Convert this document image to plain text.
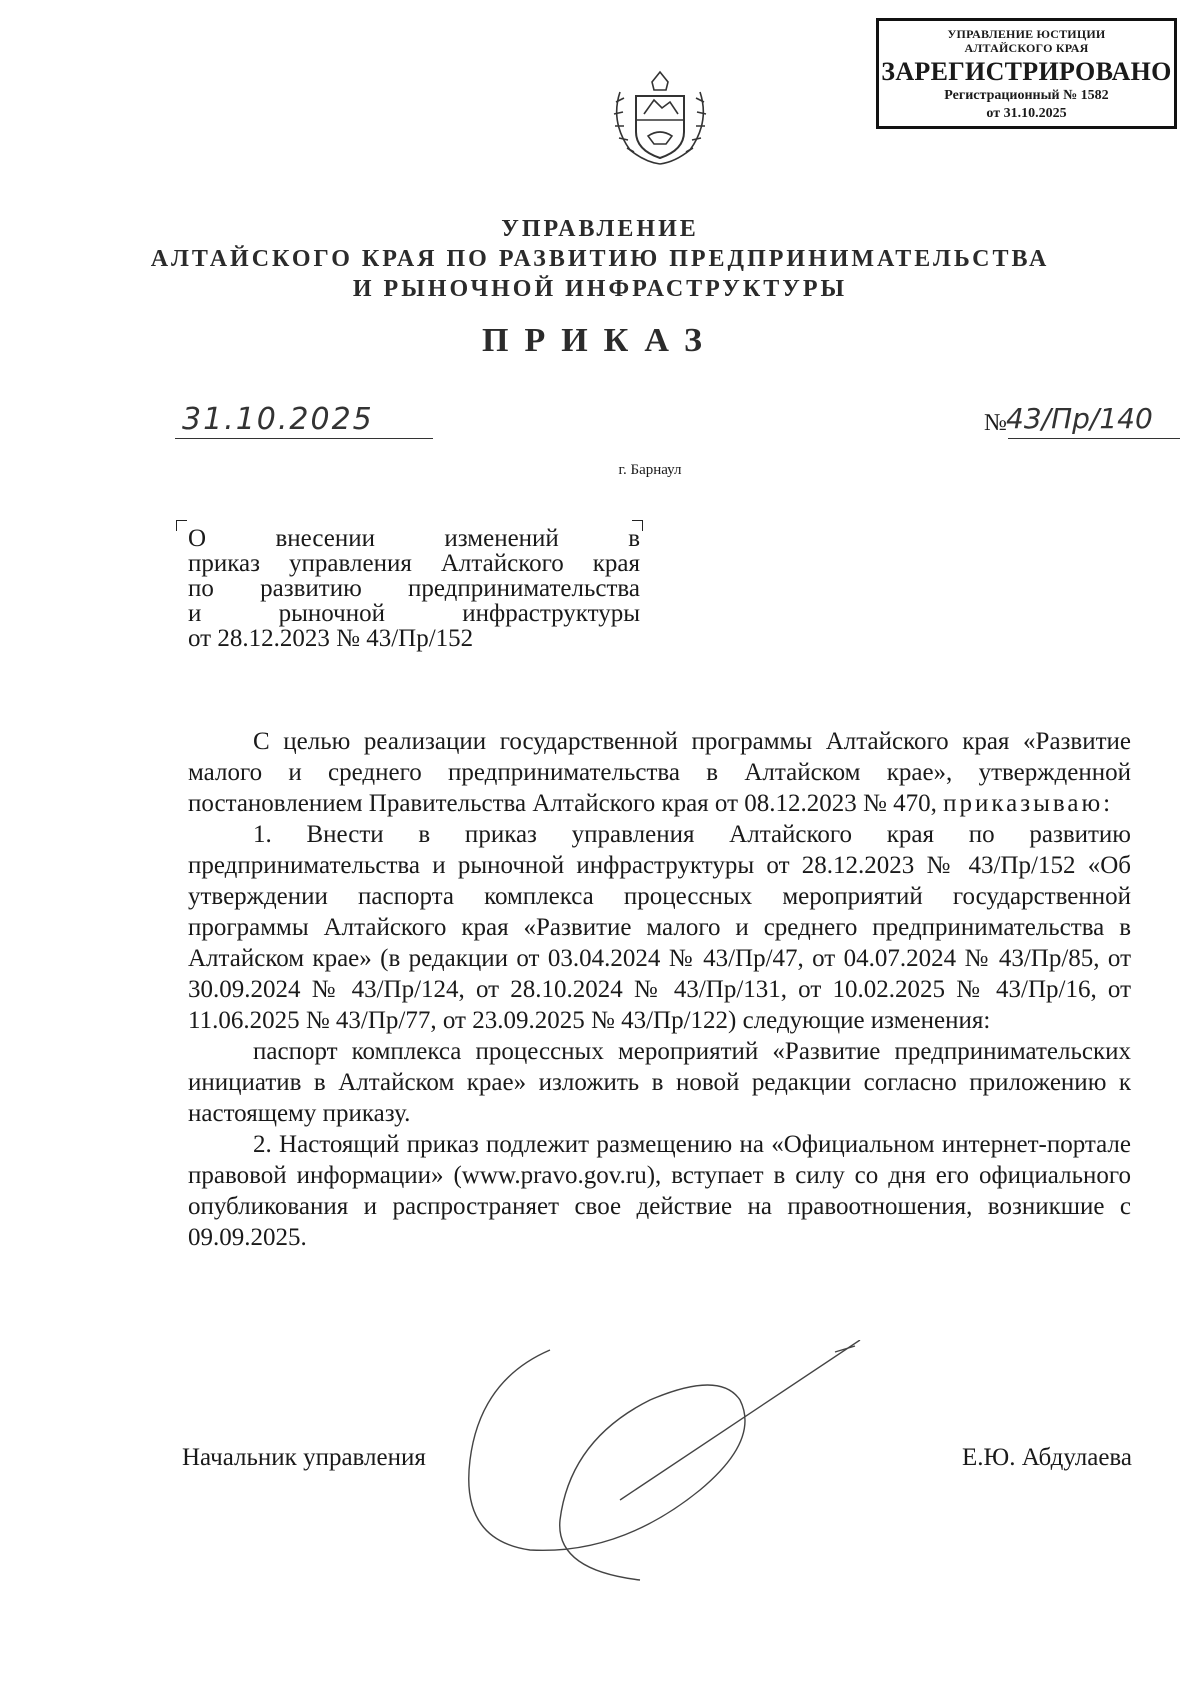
УПРАВЛЕНИЕ ЮСТИЦИИ
АЛТАЙСКОГО КРАЯ
ЗАРЕГИСТРИРОВАНО
Регистрационный № 1582
от 31.10.2025
УПРАВЛЕНИЕ
АЛТАЙСКОГО КРАЯ ПО РАЗВИТИЮ ПРЕДПРИНИМАТЕЛЬСТВА
И РЫНОЧНОЙ ИНФРАСТРУКТУРЫ
ПРИКАЗ
31.10.2025	№ 43/Пр/140
г. Барнаул
О внесении изменений в
приказ управления Алтайского края
по развитию предпринимательства
и рыночной инфраструктуры
от 28.12.2023 № 43/Пр/152

С целью реализации государственной программы Алтайского края «Развитие малого и среднего предпринимательства в Алтайском крае», утвержденной постановлением Правительства Алтайского края от 08.12.2023 № 470, приказываю:

1. Внести в приказ управления Алтайского края по развитию предпринимательства и рыночной инфраструктуры от 28.12.2023 № 43/Пр/152 «Об утверждении паспорта комплекса процессных мероприятий государственной программы Алтайского края «Развитие малого и среднего предпринимательства в Алтайском крае» (в редакции от 03.04.2024 № 43/Пр/47, от 04.07.2024 № 43/Пр/85, от 30.09.2024 № 43/Пр/124, от 28.10.2024 № 43/Пр/131, от 10.02.2025 № 43/Пр/16, от 11.06.2025 № 43/Пр/77, от 23.09.2025 № 43/Пр/122) следующие изменения:

паспорт комплекса процессных мероприятий «Развитие предпринимательских инициатив в Алтайском крае» изложить в новой редакции согласно приложению к настоящему приказу.

2. Настоящий приказ подлежит размещению на «Официальном интернет-портале правовой информации» (www.pravo.gov.ru), вступает в силу со дня его официального опубликования и распространяет свое действие на правоотношения, возникшие с 09.09.2025.

Начальник управления	Е.Ю. Абдулаева
